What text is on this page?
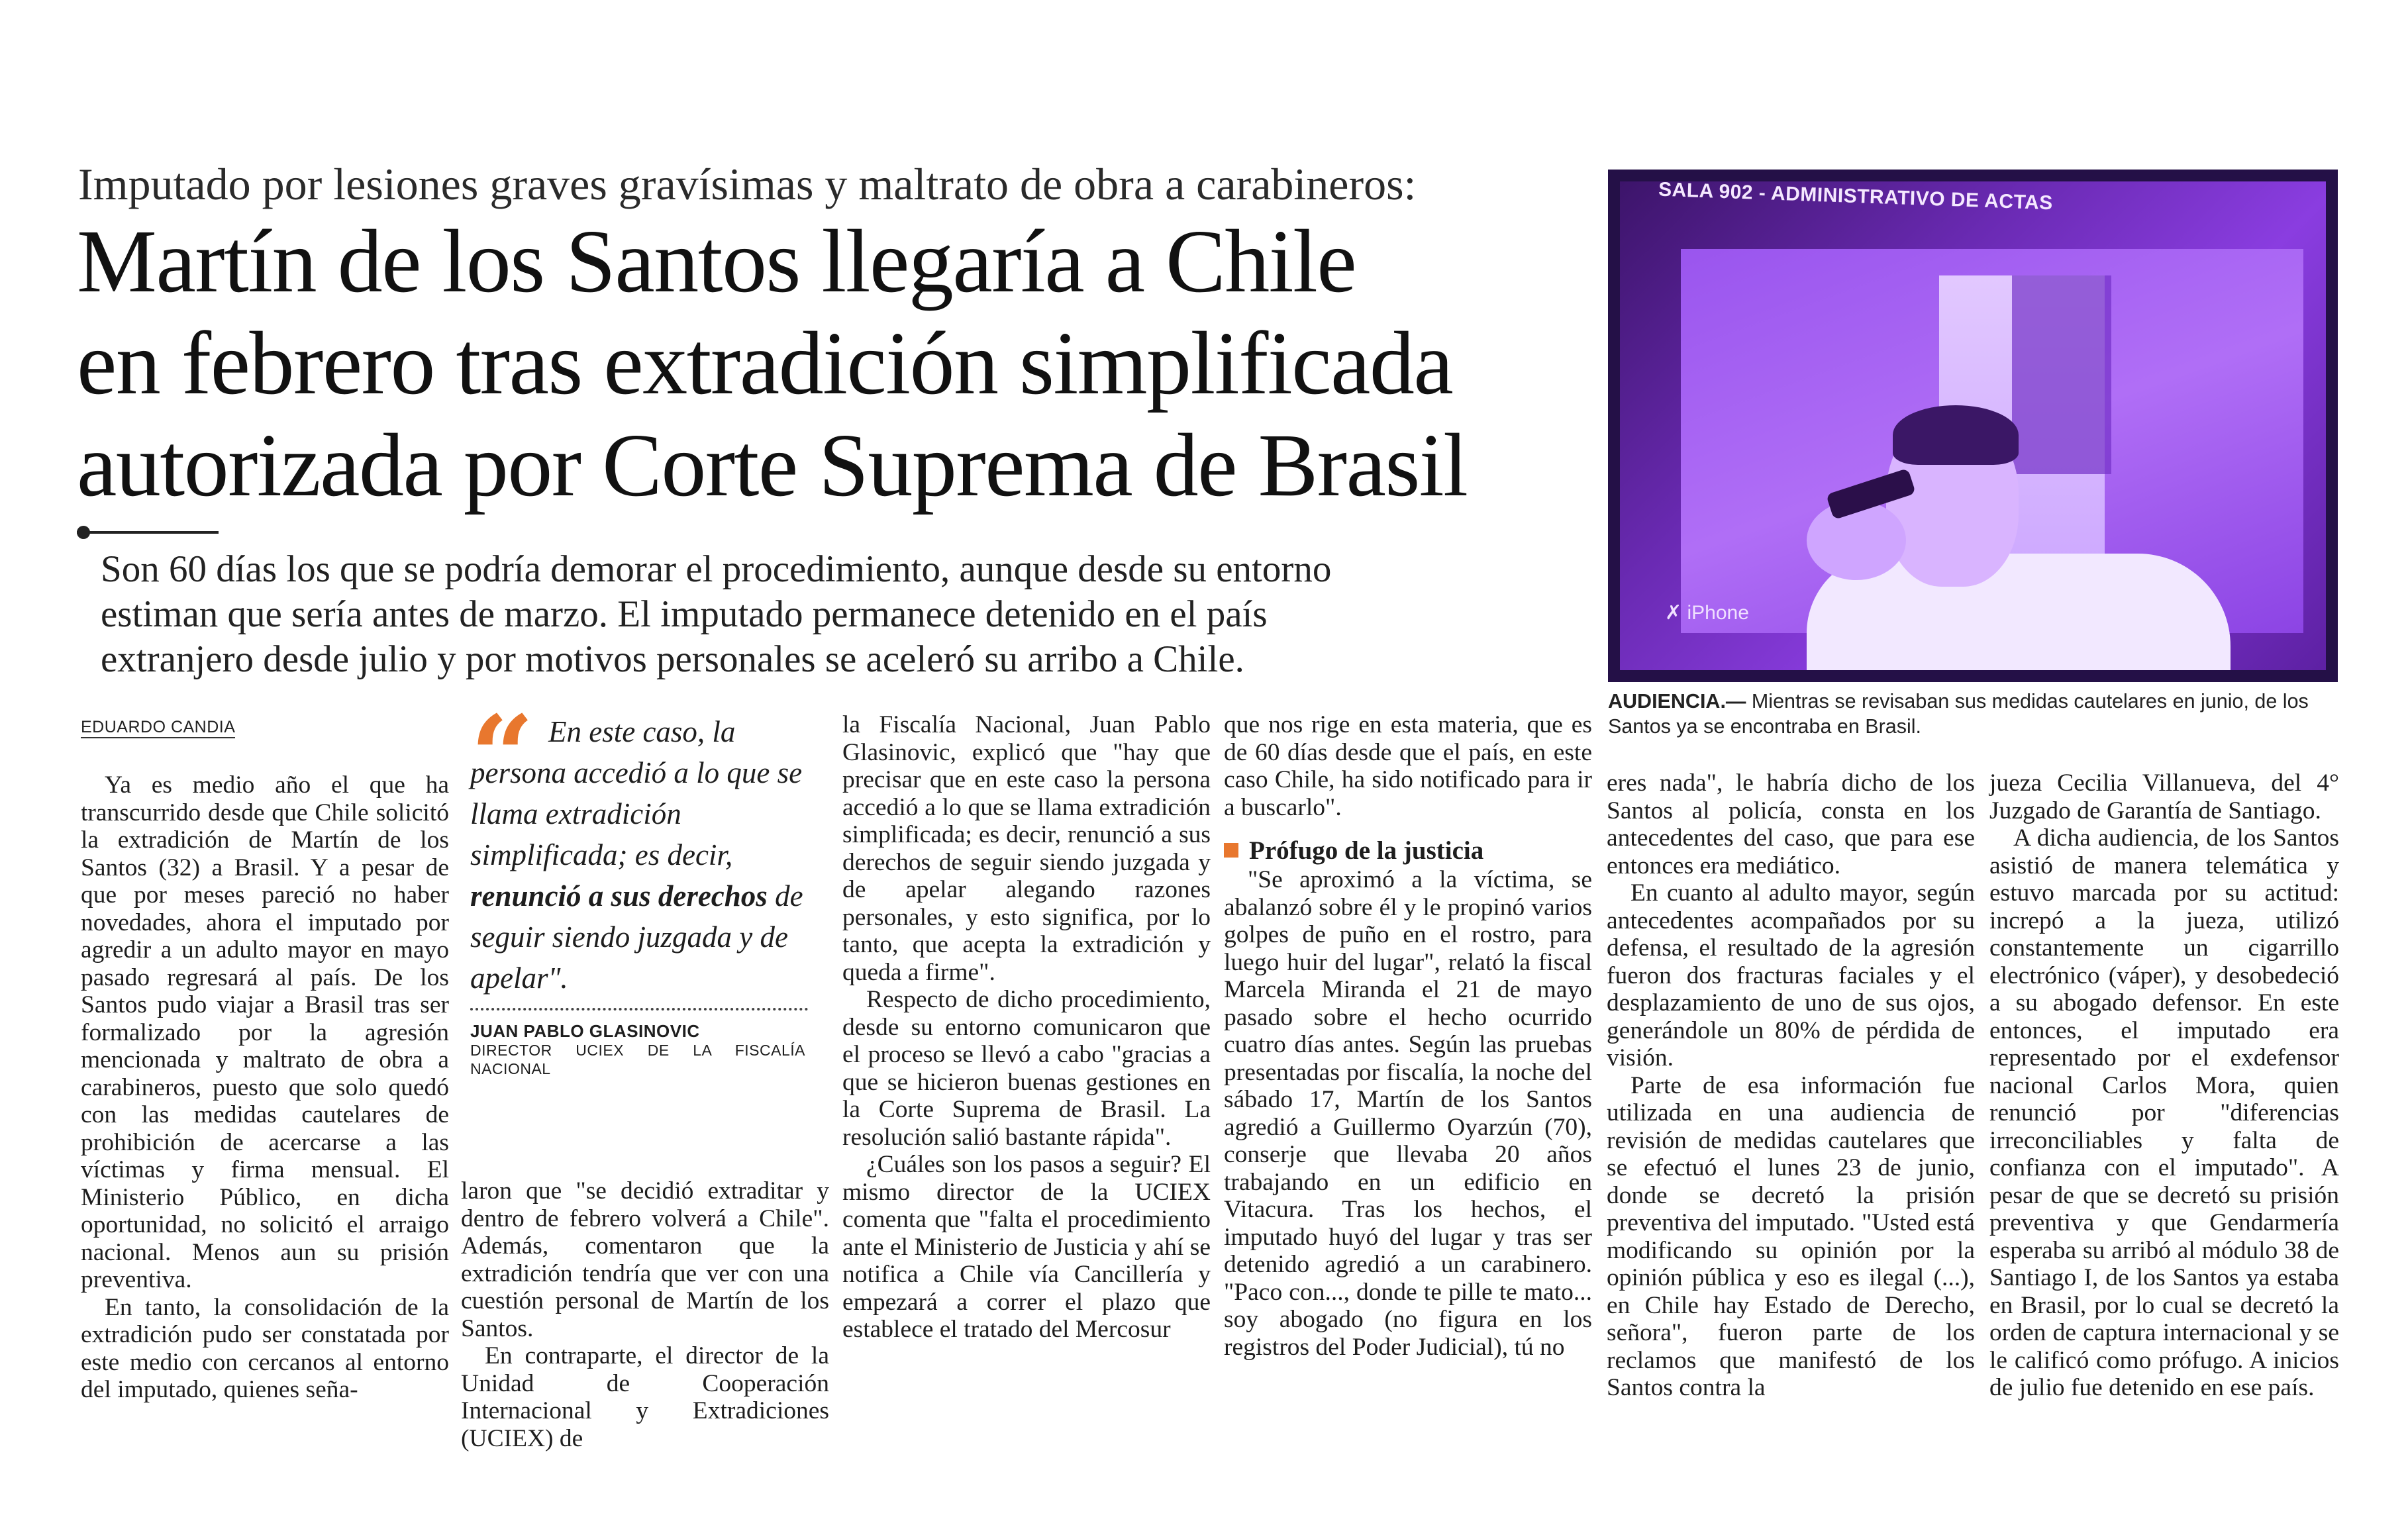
Imputado por lesiones graves gravísimas y maltrato de obra a carabineros:
Martín de los Santos llegaría a Chile
en febrero tras extradición simplificada
autorizada por Corte Suprema de Brasil
Son 60 días los que se podría demorar el procedimiento, aunque desde su entorno
estiman que sería antes de marzo. El imputado permanece detenido en el país
extranjero desde julio y por motivos personales se aceleró su arribo a Chile.
SALA 902 - ADMINISTRATIVO DE ACTAS
✗ iPhone
AUDIENCIA.— Mientras se revisaban sus medidas cautelares en junio, de los Santos ya se encontraba en Brasil.
EDUARDO CANDIA

Ya es medio año el que ha transcurrido desde que Chile solicitó la extradición de Martín de los Santos (32) a Brasil. Y a pesar de que por meses pareció no haber novedades, ahora el imputado por agredir a un adulto mayor en mayo pasado regresará al país. De los Santos pudo viajar a Brasil tras ser formalizado por la agresión mencionada y maltrato de obra a carabineros, puesto que solo quedó con las medidas cautelares de prohibición de acercarse a las víctimas y firma mensual. El Ministerio Público, en dicha oportunidad, no solicitó el arraigo nacional. Menos aun su prisión preventiva.

En tanto, la consolidación de la extradición pudo ser constatada por este medio con cercanos al entorno del imputado, quienes seña-

“ En este caso, la persona accedió a lo que se llama extradición simplificada; es decir, renunció a sus derechos de seguir siendo juzgada y de apelar".
JUAN PABLO GLASINOVIC
DIRECTOR UCIEX DE LA FISCALÍA NACIONAL

laron que "se decidió extraditar y dentro de febrero volverá a Chile". Además, comentaron que la extradición tendría que ver con una cuestión personal de Martín de los Santos.

En contraparte, el director de la Unidad de Cooperación Internacional y Extradiciones (UCIEX) de

la Fiscalía Nacional, Juan Pablo Glasinovic, explicó que "hay que precisar que en este caso la persona accedió a lo que se llama extradición simplificada; es decir, renunció a sus derechos de seguir siendo juzgada y de apelar alegando razones personales, y esto significa, por lo tanto, que acepta la extradición y queda a firme".

Respecto de dicho procedimiento, desde su entorno comunicaron que el proceso se llevó a cabo "gracias a que se hicieron buenas gestiones en la Corte Suprema de Brasil. La resolución salió bastante rápida".

¿Cuáles son los pasos a seguir? El mismo director de la UCIEX comenta que "falta el procedimiento ante el Ministerio de Justicia y ahí se notifica a Chile vía Cancillería y empezará a correr el plazo que establece el tratado del Mercosur

que nos rige en esta materia, que es de 60 días desde que el país, en este caso Chile, ha sido notificado para ir a buscarlo".

Prófugo de la justicia

"Se aproximó a la víctima, se abalanzó sobre él y le propinó varios golpes de puño en el rostro, para luego huir del lugar", relató la fiscal Marcela Miranda el 21 de mayo pasado sobre el hecho ocurrido cuatro días antes. Según las pruebas presentadas por fiscalía, la noche del sábado 17, Martín de los Santos agredió a Guillermo Oyarzún (70), conserje que llevaba 20 años trabajando en un edificio en Vitacura. Tras los hechos, el imputado huyó del lugar y tras ser detenido agredió a un carabinero. "Paco con..., donde te pille te mato... soy abogado (no figura en los registros del Poder Judicial), tú no

eres nada", le habría dicho de los Santos al policía, consta en los antecedentes del caso, que para ese entonces era mediático.

En cuanto al adulto mayor, según antecedentes acompañados por su defensa, el resultado de la agresión fueron dos fracturas faciales y el desplazamiento de uno de sus ojos, generándole un 80% de pérdida de visión.

Parte de esa información fue utilizada en una audiencia de revisión de medidas cautelares que se efectuó el lunes 23 de junio, donde se decretó la prisión preventiva del imputado. "Usted está modificando su opinión por la opinión pública y eso es ilegal (...), en Chile hay Estado de Derecho, señora", fueron parte de los reclamos que manifestó de los Santos contra la

jueza Cecilia Villanueva, del 4° Juzgado de Garantía de Santiago.

A dicha audiencia, de los Santos asistió de manera telemática y estuvo marcada por su actitud: increpó a la jueza, utilizó constantemente un cigarrillo electrónico (váper), y desobedeció a su abogado defensor. En este entonces, el imputado era representado por el exdefensor nacional Carlos Mora, quien renunció por "diferencias irreconciliables y falta de confianza con el imputado". A pesar de que se decretó su prisión preventiva y que Gendarmería esperaba su arribó al módulo 38 de Santiago I, de los Santos ya estaba en Brasil, por lo cual se decretó la orden de captura internacional y se le calificó como prófugo. A inicios de julio fue detenido en ese país.
